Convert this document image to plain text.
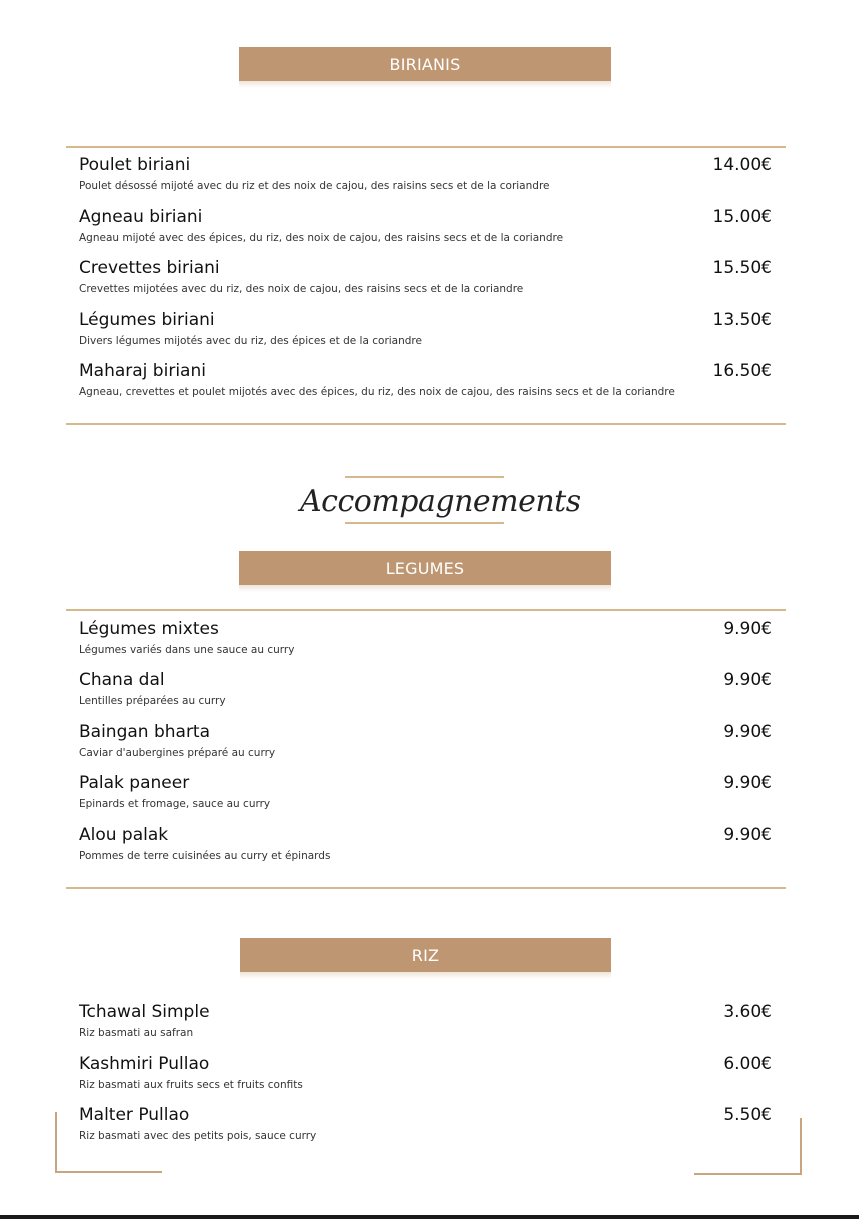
BIRIANIS
Poulet biriani	14.00€
Poulet désossé mijoté avec du riz et des noix de cajou, des raisins secs et de la coriandre
Agneau biriani	15.00€
Agneau mijoté avec des épices, du riz, des noix de cajou, des raisins secs et de la coriandre
Crevettes biriani	15.50€
Crevettes mijotées avec du riz, des noix de cajou, des raisins secs et de la coriandre
Légumes biriani	13.50€
Divers légumes mijotés avec du riz, des épices et de la coriandre
Maharaj biriani	16.50€
Agneau, crevettes et poulet mijotés avec des épices, du riz, des noix de cajou, des raisins secs et de la coriandre
Accompagnements
LEGUMES
Légumes mixtes	9.90€
Légumes variés dans une sauce au curry
Chana dal	9.90€
Lentilles préparées au curry
Baingan bharta	9.90€
Caviar d'aubergines préparé au curry
Palak paneer	9.90€
Epinards et fromage, sauce au curry
Alou palak	9.90€
Pommes de terre cuisinées au curry et épinards
RIZ
Tchawal Simple	3.60€
Riz basmati au safran
Kashmiri Pullao	6.00€
Riz basmati aux fruits secs et fruits confits
Malter Pullao	5.50€
Riz basmati avec des petits pois, sauce curry
